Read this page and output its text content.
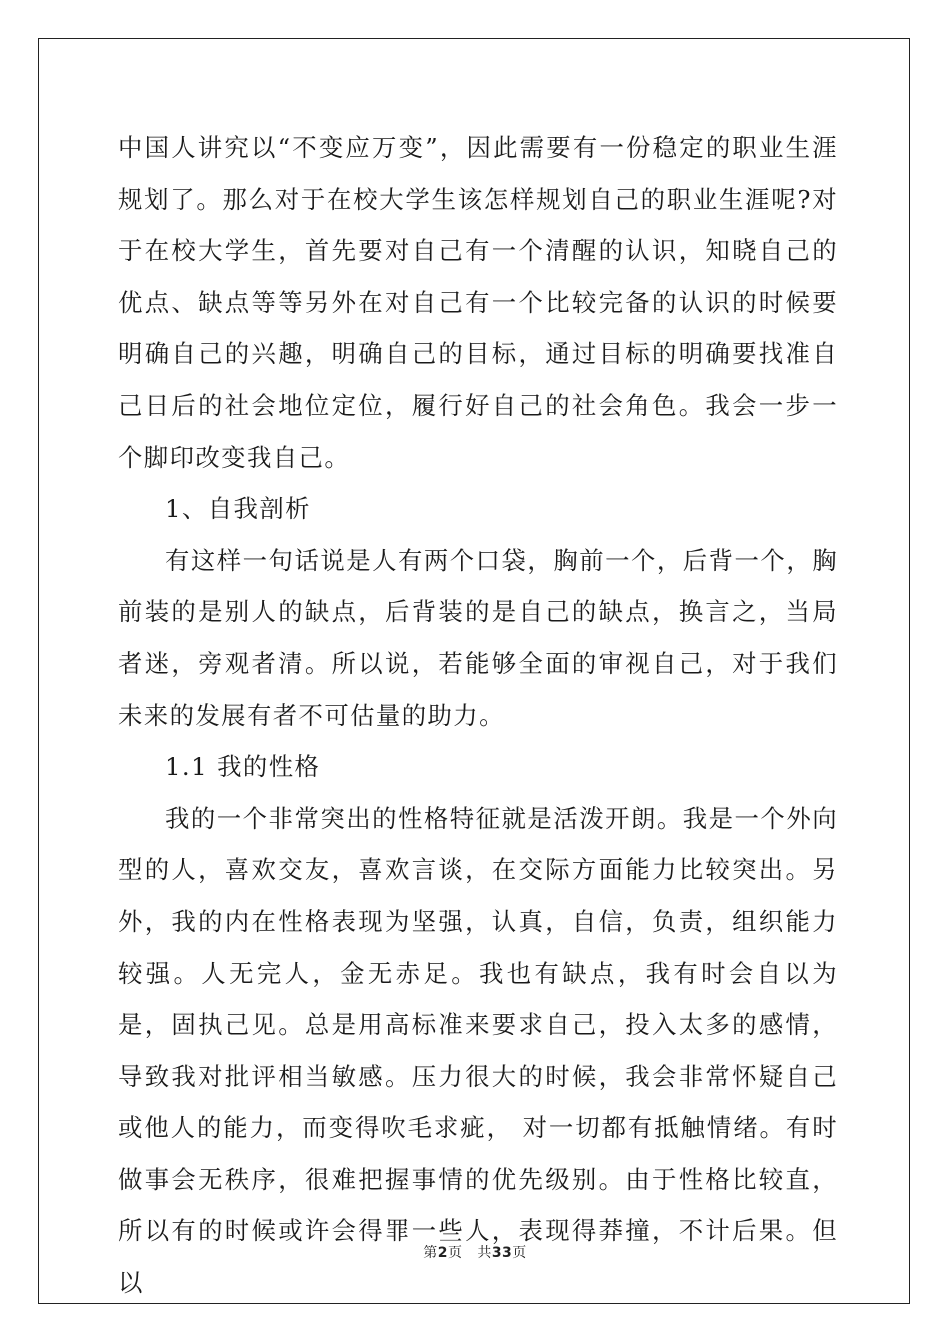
中国人讲究以“不变应万变”，因此需要有一份稳定的职业生涯规划了。那么对于在校大学生该怎样规划自己的职业生涯呢?对于在校大学生，首先要对自己有一个清醒的认识，知晓自己的优点、缺点等等另外在对自己有一个比较完备的认识的时候要明确自己的兴趣，明确自己的目标，通过目标的明确要找准自己日后的社会地位定位，履行好自己的社会角色。我会一步一个脚印改变我自己。

1、自我剖析

有这样一句话说是人有两个口袋，胸前一个，后背一个，胸前装的是别人的缺点，后背装的是自己的缺点，换言之，当局者迷，旁观者清。所以说，若能够全面的审视自己，对于我们未来的发展有者不可估量的助力。

1.1 我的性格

我的一个非常突出的性格特征就是活泼开朗。我是一个外向型的人，喜欢交友，喜欢言谈，在交际方面能力比较突出。另外，我的内在性格表现为坚强，认真，自信，负责，组织能力较强。人无完人，金无赤足。我也有缺点，我有时会自以为是，固执己见。总是用高标准来要求自己，投入太多的感情，导致我对批评相当敏感。压力很大的时候，我会非常怀疑自己或他人的能力，而变得吹毛求疵， 对一切都有抵触情绪。有时做事会无秩序，很难把握事情的优先级别。由于性格比较直，所以有的时候或许会得罪一些人，表现得莽撞，不计后果。但以

第2页 共33页
